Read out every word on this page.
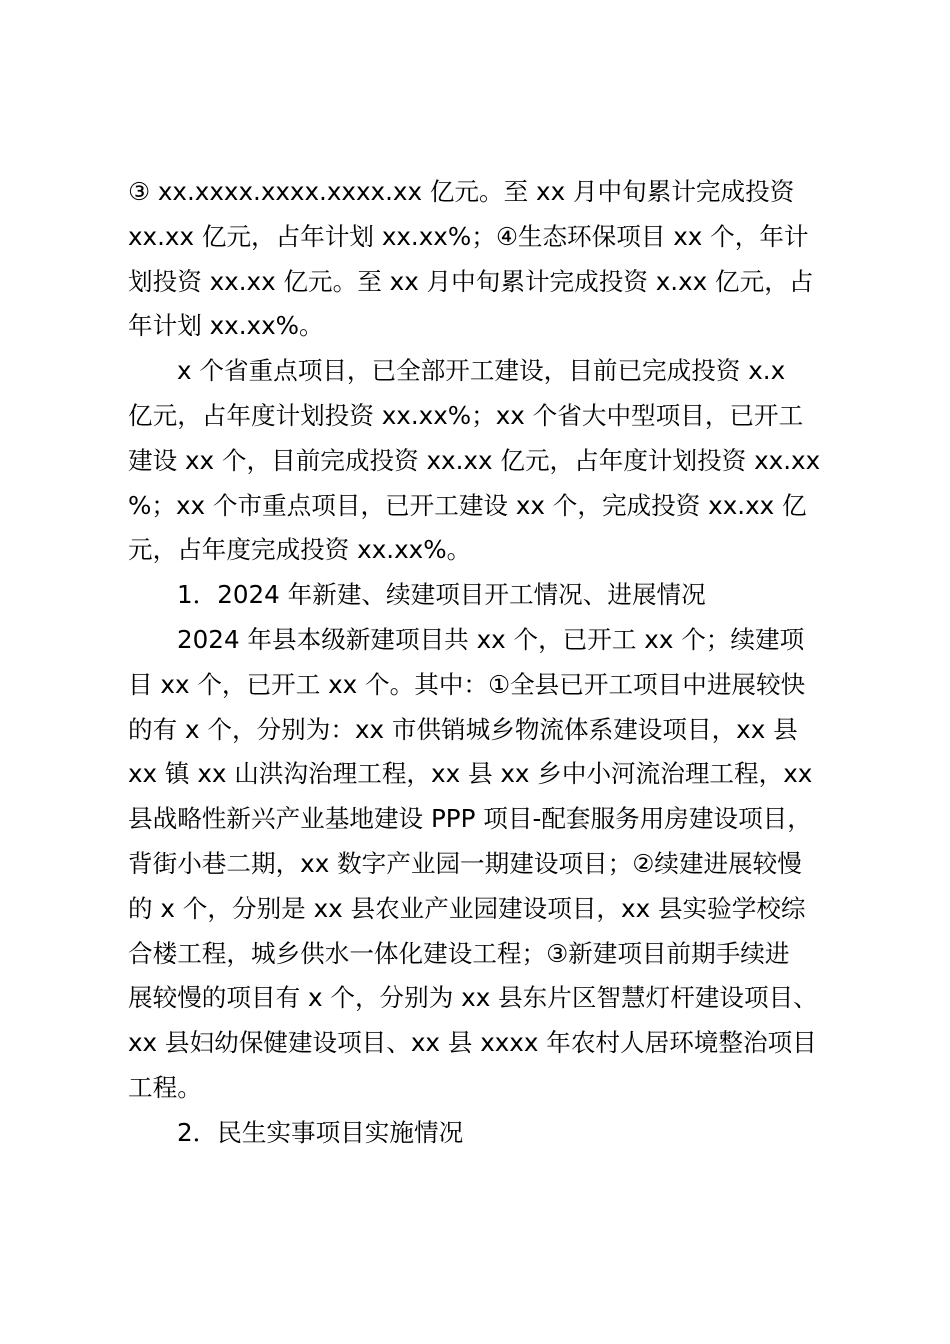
③ xx.xxxx.xxxx.xxxx.xx 亿元。至 xx 月中旬累计完成投资
xx.xx 亿元，占年计划 xx.xx%；④生态环保项目 xx 个，年计
划投资 xx.xx 亿元。至 xx 月中旬累计完成投资 x.xx 亿元，占
年计划 xx.xx%。
x 个省重点项目，已全部开工建设，目前已完成投资 x.x
亿元，占年度计划投资 xx.xx%；xx 个省大中型项目，已开工
建设 xx 个，目前完成投资 xx.xx 亿元，占年度计划投资 xx.xx
%；xx 个市重点项目，已开工建设 xx 个，完成投资 xx.xx 亿
元，占年度完成投资 xx.xx%。
1．2024 年新建、续建项目开工情况、进展情况
2024 年县本级新建项目共 xx 个，已开工 xx 个；续建项
目 xx 个，已开工 xx 个。其中：①全县已开工项目中进展较快
的有 x 个，分别为：xx 市供销城乡物流体系建设项目，xx 县
xx 镇 xx 山洪沟治理工程，xx 县 xx 乡中小河流治理工程，xx
县战略性新兴产业基地建设 PPP 项目-配套服务用房建设项目，
背街小巷二期，xx 数字产业园一期建设项目；②续建进展较慢
的 x 个，分别是 xx 县农业产业园建设项目，xx 县实验学校综
合楼工程，城乡供水一体化建设工程；③新建项目前期手续进
展较慢的项目有 x 个，分别为 xx 县东片区智慧灯杆建设项目、
xx 县妇幼保健建设项目、xx 县 xxxx 年农村人居环境整治项目
工程。
2．民生实事项目实施情况
